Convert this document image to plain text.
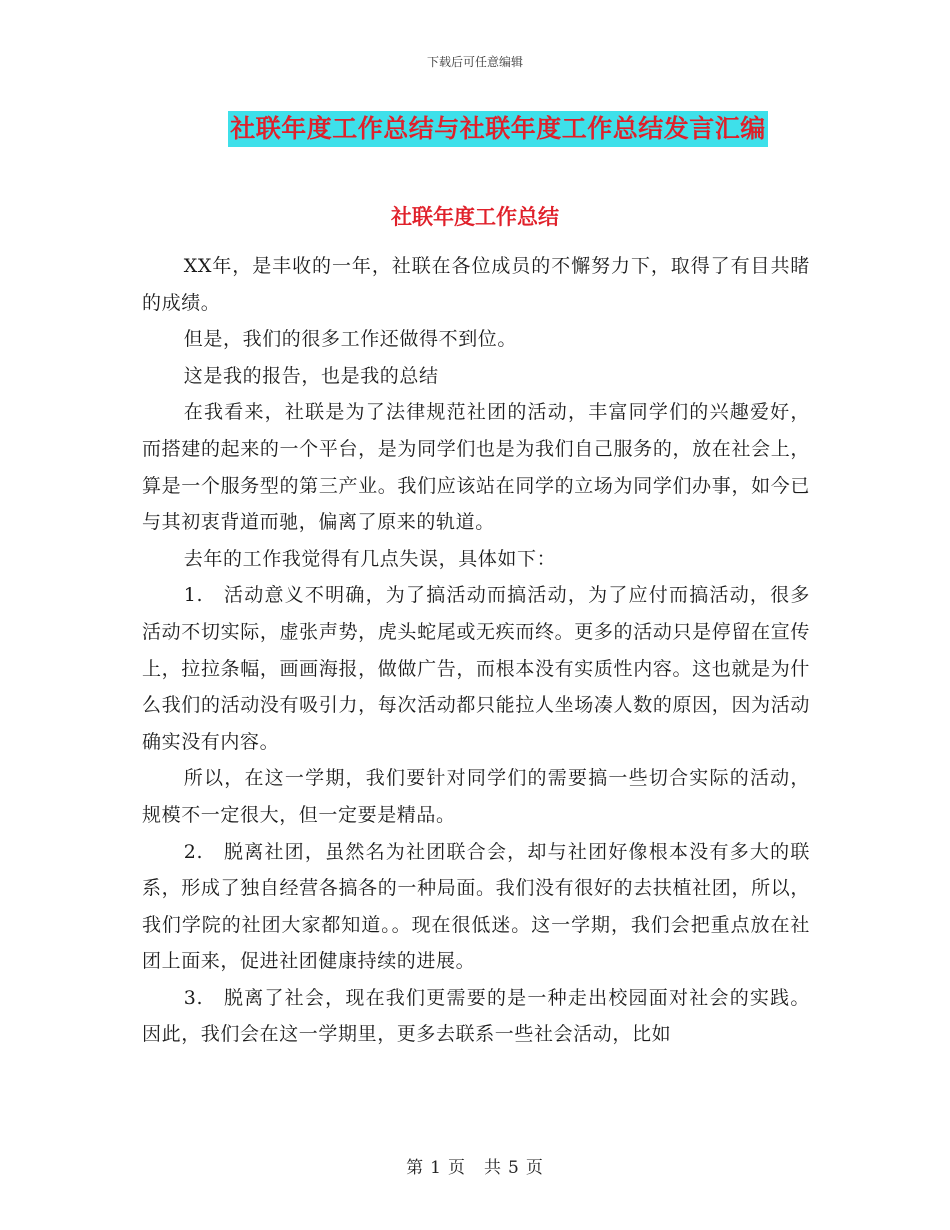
下载后可任意编辑
社联年度工作总结与社联年度工作总结发言汇编
社联年度工作总结

XX年，是丰收的一年，社联在各位成员的不懈努力下，取得了有目共睹的成绩。

但是，我们的很多工作还做得不到位。

这是我的报告，也是我的总结

在我看来，社联是为了法律规范社团的活动，丰富同学们的兴趣爱好，而搭建的起来的一个平台，是为同学们也是为我们自己服务的，放在社会上，算是一个服务型的第三产业。我们应该站在同学的立场为同学们办事，如今已与其初衷背道而驰，偏离了原来的轨道。

去年的工作我觉得有几点失误，具体如下：

1.　活动意义不明确，为了搞活动而搞活动，为了应付而搞活动，很多活动不切实际，虚张声势，虎头蛇尾或无疾而终。更多的活动只是停留在宣传上，拉拉条幅，画画海报，做做广告，而根本没有实质性内容。这也就是为什么我们的活动没有吸引力，每次活动都只能拉人坐场凑人数的原因，因为活动确实没有内容。

所以，在这一学期，我们要针对同学们的需要搞一些切合实际的活动，规模不一定很大，但一定要是精品。

2.　脱离社团，虽然名为社团联合会，却与社团好像根本没有多大的联系，形成了独自经营各搞各的一种局面。我们没有很好的去扶植社团，所以，我们学院的社团大家都知道。。现在很低迷。这一学期，我们会把重点放在社团上面来，促进社团健康持续的进展。

3.　脱离了社会，现在我们更需要的是一种走出校园面对社会的实践。因此，我们会在这一学期里，更多去联系一些社会活动，比如

第 1 页　共 5 页
